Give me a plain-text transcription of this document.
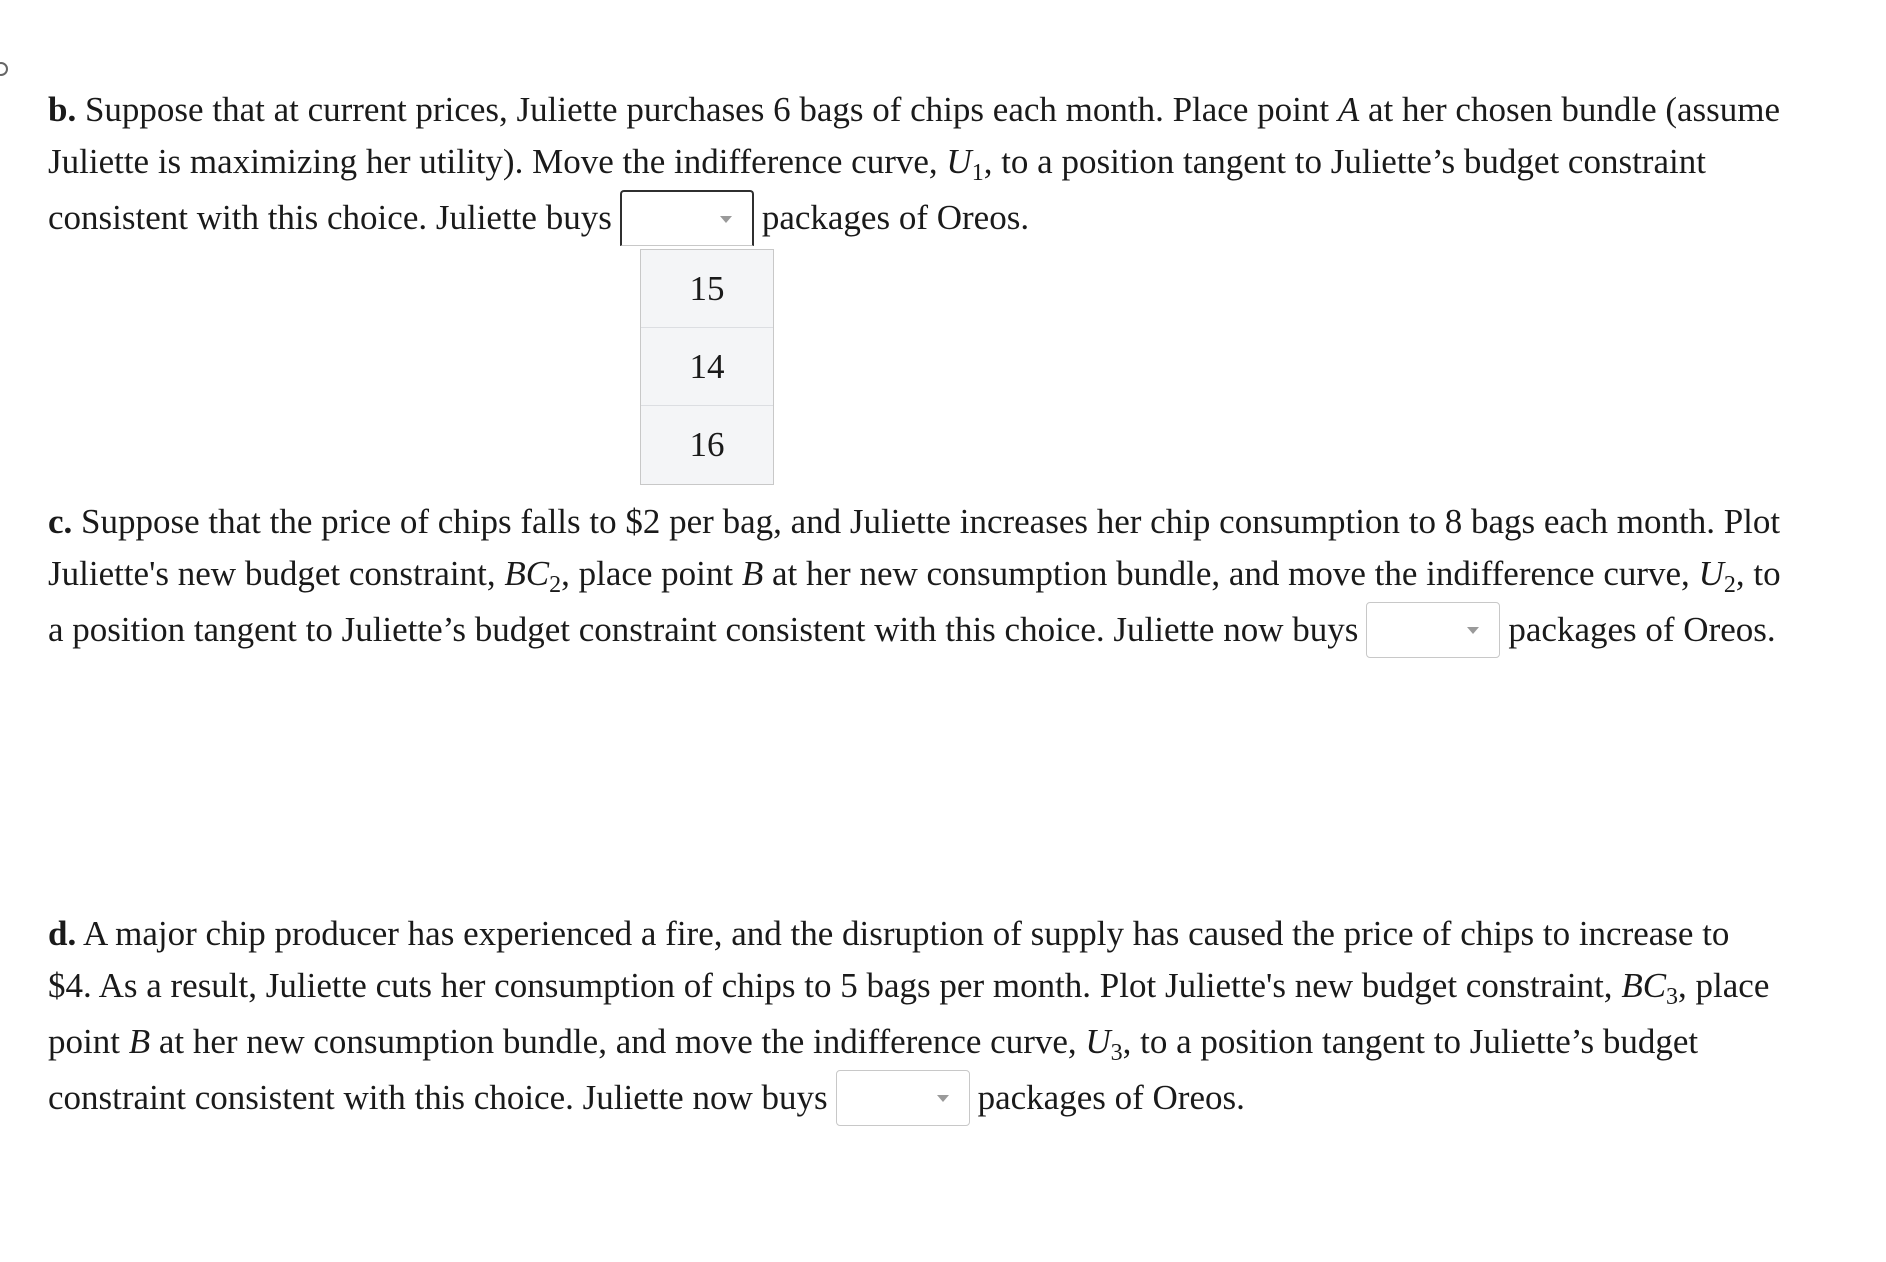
b. Suppose that at current prices, Juliette purchases 6 bags of chips each month. Place point A at her chosen bundle (assume

Juliette is maximizing her utility). Move the indifference curve, $U_1$, to a position tangent to Juliette’s budget constraint

consistent with this choice. Juliette buys	packages of Oreos.

15
14
16

c. Suppose that the price of chips falls to $2 per bag, and Juliette increases her chip consumption to 8 bags each month. Plot

Juliette's new budget constraint, $BC_2$, place point B at her new consumption bundle, and move the indifference curve, $U_2$, to

a position tangent to Juliette’s budget constraint consistent with this choice. Juliette now buys	packages of Oreos.

d. A major chip producer has experienced a fire, and the disruption of supply has caused the price of chips to increase to

$4. As a result, Juliette cuts her consumption of chips to 5 bags per month. Plot Juliette's new budget constraint, $BC_3$, place

point B at her new consumption bundle, and move the indifference curve, $U_3$, to a position tangent to Juliette’s budget

constraint consistent with this choice. Juliette now buys	packages of Oreos.
